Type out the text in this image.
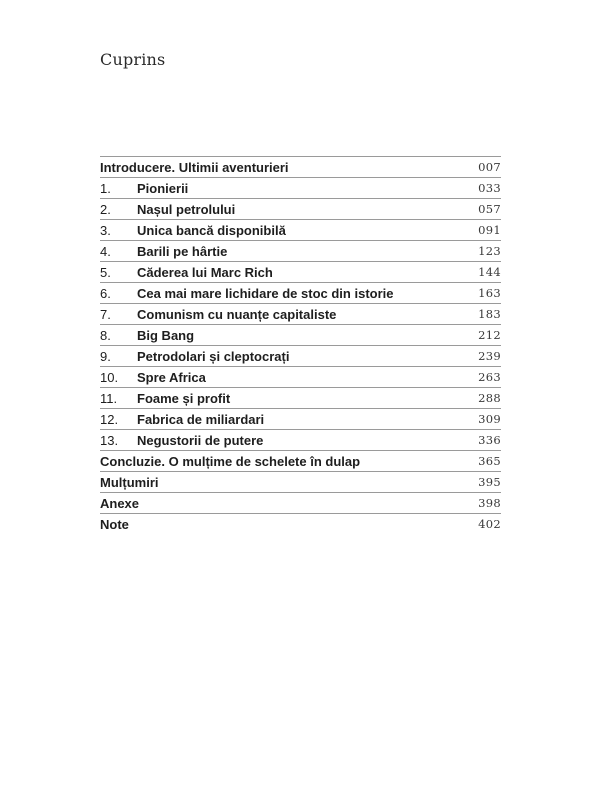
Cuprins
Introducere. Ultimii aventurieri	007
1.	Pionierii	033
2.	Nașul petrolului	057
3.	Unica bancă disponibilă	091
4.	Barili pe hârtie	123
5.	Căderea lui Marc Rich	144
6.	Cea mai mare lichidare de stoc din istorie	163
7.	Comunism cu nuanțe capitaliste	183
8.	Big Bang	212
9.	Petrodolari și cleptocrați	239
10.	Spre Africa	263
11.	Foame și profit	288
12.	Fabrica de miliardari	309
13.	Negustorii de putere	336
Concluzie. O mulțime de schelete în dulap	365
Mulțumiri	395
Anexe	398
Note	402
